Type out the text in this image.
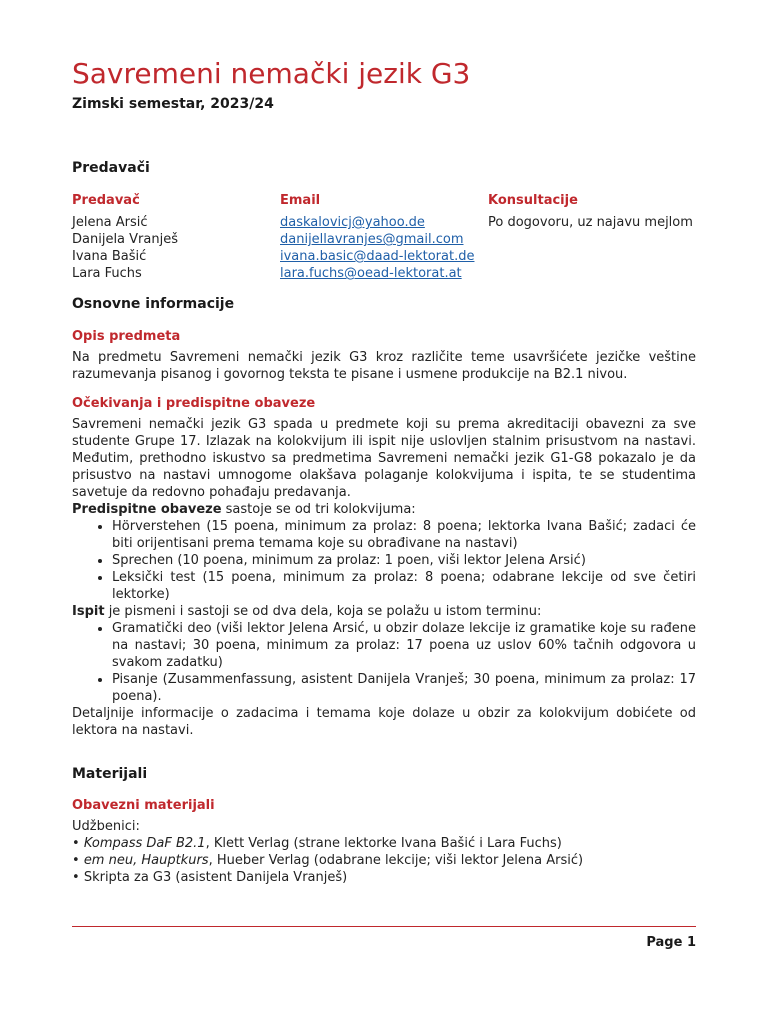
Savremeni nemački jezik G3
Zimski semestar, 2023/24
Predavači
Predavač
Jelena Arsić
Danijela Vranješ
Ivana Bašić
Lara Fuchs
Email
daskalovicj@yahoo.de
danijellavranjes@gmail.com
ivana.basic@daad-lektorat.de
lara.fuchs@oead-lektorat.at
Konsultacije
Po dogovoru, uz najavu mejlom
Osnovne informacije
Opis predmeta

Na predmetu Savremeni nemački jezik G3 kroz različite teme usavršićete jezičke veštine razumevanja pisanog i govornog teksta te pisane i usmene produkcije na B2.1 nivou.

Očekivanja i predispitne obaveze

Savremeni nemački jezik G3 spada u predmete koji su prema akreditaciji obavezni za sve studente Grupe 17. Izlazak na kolokvijum ili ispit nije uslovljen stalnim prisustvom na nastavi. Međutim, prethodno iskustvo sa predmetima Savremeni nemački jezik G1-G8 pokazalo je da prisustvo na nastavi umnogome olakšava polaganje kolokvijuma i ispita, te se studentima savetuje da redovno pohađaju predavanja.

Predispitne obaveze sastoje se od tri kolokvijuma:

• Hörverstehen (15 poena, minimum za prolaz: 8 poena; lektorka Ivana Bašić; zadaci će biti orijentisani prema temama koje su obrađivane na nastavi)
• Sprechen (10 poena, minimum za prolaz: 1 poen, viši lektor Jelena Arsić)
• Leksički test (15 poena, minimum za prolaz: 8 poena; odabrane lekcije od sve četiri lektorke)

Ispit je pismeni i sastoji se od dva dela, koja se polažu u istom terminu:

• Gramatički deo (viši lektor Jelena Arsić, u obzir dolaze lekcije iz gramatike koje su rađene na nastavi; 30 poena, minimum za prolaz: 17 poena uz uslov 60% tačnih odgovora u svakom zadatku)
• Pisanje (Zusammenfassung, asistent Danijela Vranješ; 30 poena, minimum za prolaz: 17 poena).

Detaljnije informacije o zadacima i temama koje dolaze u obzir za kolokvijum dobićete od lektora na nastavi.

Materijali
Obavezni materijali
Udžbenici:
• Kompass DaF B2.1, Klett Verlag (strane lektorke Ivana Bašić i Lara Fuchs)
• em neu, Hauptkurs, Hueber Verlag (odabrane lekcije; viši lektor Jelena Arsić)
• Skripta za G3 (asistent Danijela Vranješ)
Page 1
